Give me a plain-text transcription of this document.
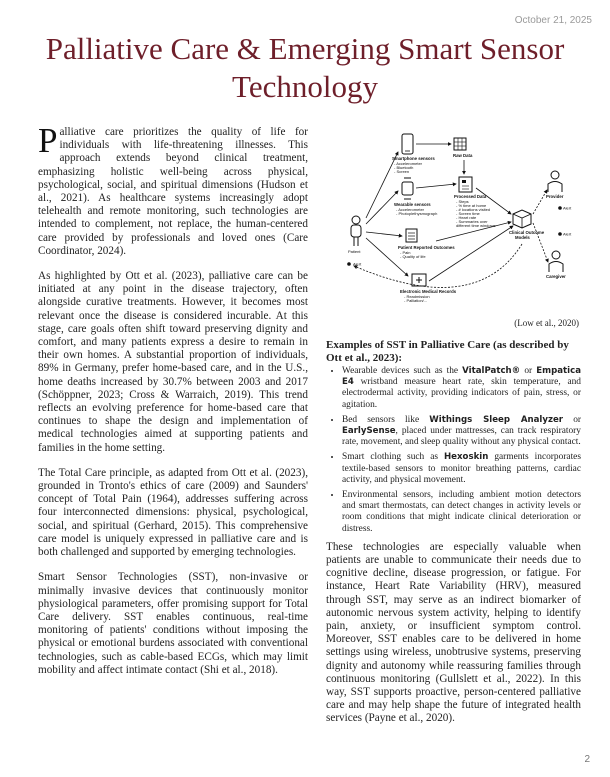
October 21, 2025
Palliative Care & Emerging Smart Sensor Technology

Palliative care prioritizes the quality of life for individuals with life-threatening illnesses. This approach extends beyond clinical treatment, emphasizing holistic well-being across physical, psychological, social, and spiritual dimensions (Hudson et al., 2021). As healthcare systems increasingly adopt telehealth and remote monitoring, such technologies are intended to complement, not replace, the human-centered care provided by professionals and loved ones (Care Coordinator, 2024).

As highlighted by Ott et al. (2023), palliative care can be initiated at any point in the disease trajectory, often alongside curative treatments. However, it becomes most relevant once the disease is considered incurable. At this stage, care goals often shift toward preserving dignity and comfort, and many patients express a desire to remain in their own homes. A substantial proportion of individuals, 89% in Germany, prefer home-based care, and in the U.S., home deaths increased by 30.7% between 2003 and 2017 (Schöppner, 2023; Cross & Warraich, 2019). This trend reflects an evolving preference for home-based care that continues to shape the design and implementation of medical technologies aimed at supporting patients and families in the home setting.

The Total Care principle, as adapted from Ott et al. (2023), grounded in Tronto's ethics of care (2009) and Saunders' concept of Total Pain (1964), addresses suffering across four interconnected dimensions: physical, psychological, social, and spiritual (Gerhard, 2015). This comprehensive care model is uniquely expressed in palliative care and is both challenged and supported by emerging technologies.

Smart Sensor Technologies (SST), non-invasive or minimally invasive devices that continuously monitor physiological parameters, offer promising support for Total Care delivery. SST enables continuous, real-time monitoring of patients' conditions without imposing the physical or emotional burdens associated with conventional technologies, such as cable-based ECGs, which may limit mobility and affect intimate contact (Shi et al., 2018).

Patient
Alert
Smartphone sensors
- Accelerometer
- Bluetooth
- Screen
Raw Data
Wearable sensors
- Accelerometer
- Photoplethysmograph
Processed Data
- Steps
- % time at home
- # locations visited
- Screen time
- Heart rate
- Summaries over
different time windows
Clinical Outcome
Models
Patient Reported Outcomes
- Pain
- Quality of life
Electronic Medical Records
- Readmission
- Palliation/...
Provider
Alert
Caregiver
Alert

(Low et al., 2020)

Examples of SST in Palliative Care (as described by Ott et al., 2023):

• Wearable devices such as the VitalPatch® or Empatica E4 wristband measure heart rate, skin temperature, and electrodermal activity, providing indicators of pain, stress, or agitation.
• Bed sensors like Withings Sleep Analyzer or EarlySense, placed under mattresses, can track respiratory rate, movement, and sleep quality without any physical contact.
• Smart clothing such as Hexoskin garments incorporates textile-based sensors to monitor breathing patterns, cardiac activity, and physical movement.
• Environmental sensors, including ambient motion detectors and smart thermostats, can detect changes in activity levels or room conditions that might indicate clinical deterioration or distress.

These technologies are especially valuable when patients are unable to communicate their needs due to cognitive decline, disease progression, or fatigue. For instance, Heart Rate Variability (HRV), measured through SST, may serve as an indirect biomarker of autonomic nervous system activity, helping to identify pain, anxiety, or insufficient symptom control. Moreover, SST enables care to be delivered in home settings using wireless, unobtrusive systems, preserving dignity and autonomy while reassuring families through continuous monitoring (Gullslett et al., 2022). In this way, SST supports proactive, person-centered palliative care and may help shape the future of integrated health services (Payne et al., 2020).

2
